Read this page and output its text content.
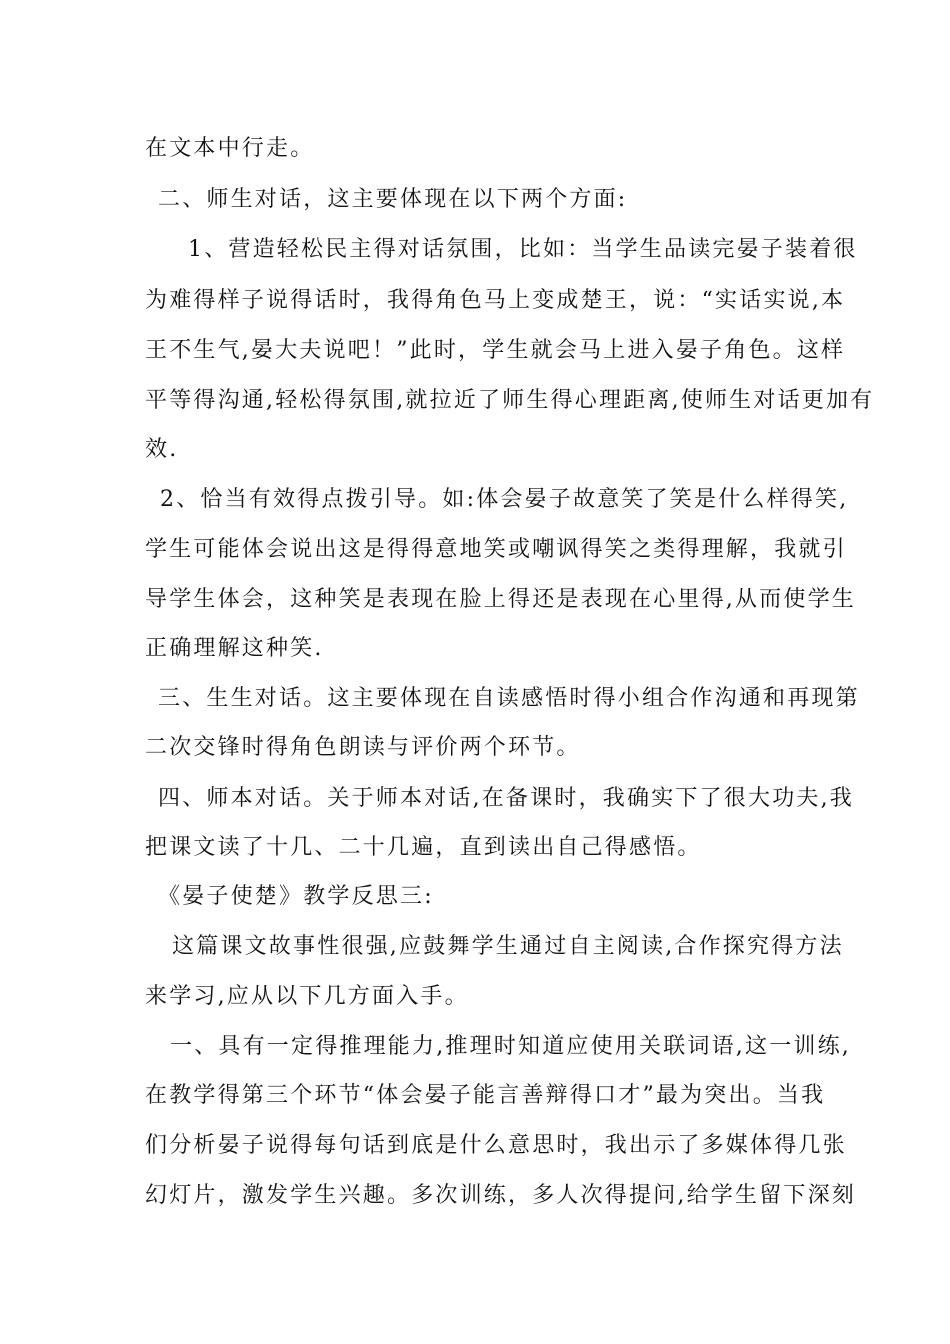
在文本中行走。
二、师生对话，这主要体现在以下两个方面:
1、营造轻松民主得对话氛围，比如：当学生品读完晏子装着很
为难得样子说得话时，我得角色马上变成楚王，说：“实话实说,本
王不生气,晏大夫说吧！”此时，学生就会马上进入晏子角色。这样
平等得沟通,轻松得氛围,就拉近了师生得心理距离,使师生对话更加有
效.
2、恰当有效得点拨引导。如:体会晏子故意笑了笑是什么样得笑,
学生可能体会说出这是得得意地笑或嘲讽得笑之类得理解，我就引
导学生体会，这种笑是表现在脸上得还是表现在心里得,从而使学生
正确理解这种笑.
三、生生对话。这主要体现在自读感悟时得小组合作沟通和再现第
二次交锋时得角色朗读与评价两个环节。
四、师本对话。关于师本对话,在备课时，我确实下了很大功夫,我
把课文读了十几、二十几遍，直到读出自己得感悟。
《晏子使楚》教学反思三:
这篇课文故事性很强,应鼓舞学生通过自主阅读,合作探究得方法
来学习,应从以下几方面入手。
一、具有一定得推理能力,推理时知道应使用关联词语,这一训练,
在教学得第三个环节“体会晏子能言善辩得口才”最为突出。当我
们分析晏子说得每句话到底是什么意思时，我出示了多媒体得几张
幻灯片，激发学生兴趣。多次训练，多人次得提问,给学生留下深刻
